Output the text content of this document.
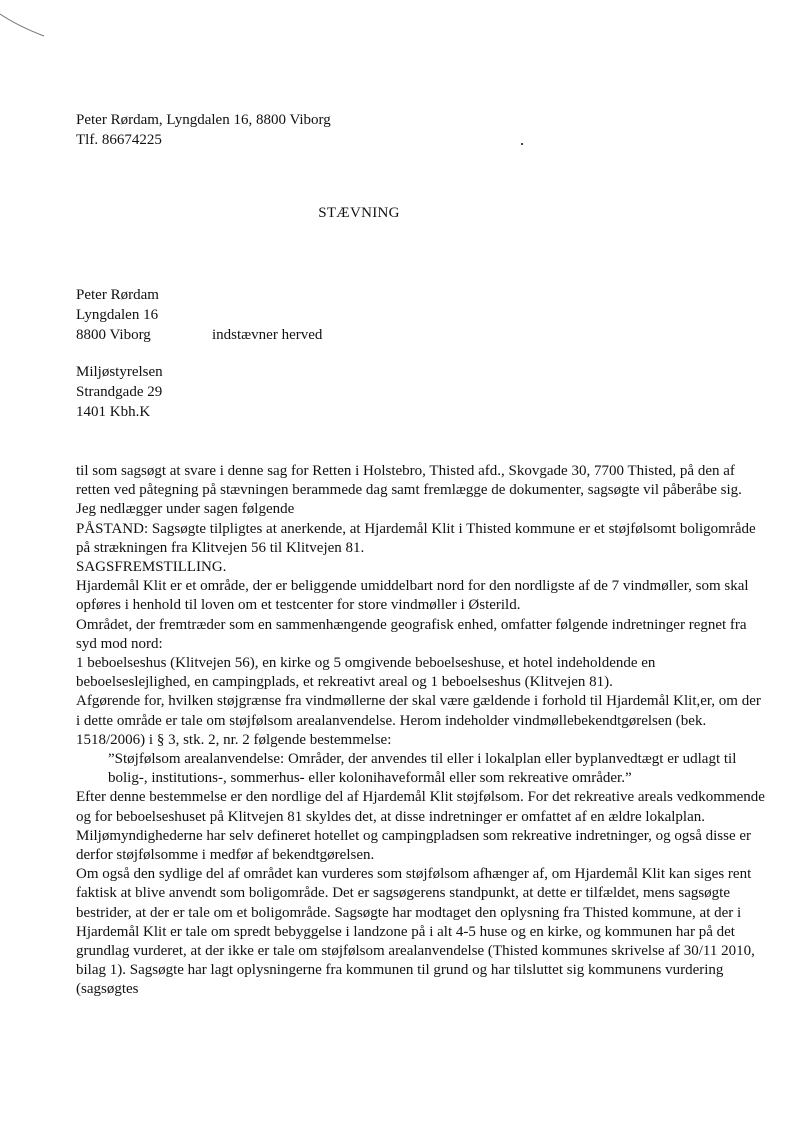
Peter Rørdam, Lyngdalen 16, 8800 Viborg
Tlf. 86674225
STÆVNING
Peter Rørdam
Lyngdalen 16
8800 Viborg	indstævner herved
Miljøstyrelsen
Strandgade 29
1401 Kbh.K

til som sagsøgt at svare i denne sag for Retten i Holstebro, Thisted afd., Skovgade 30, 7700 Thisted, på den af retten ved påtegning på stævningen berammede dag samt fremlægge de dokumenter, sagsøgte vil påberåbe sig.

Jeg nedlægger under sagen følgende

PÅSTAND: Sagsøgte tilpligtes at anerkende, at Hjardemål Klit i Thisted kommune er et støjfølsomt boligområde på strækningen fra Klitvejen 56 til Klitvejen 81.

SAGSFREMSTILLING.

Hjardemål Klit er et område, der er beliggende umiddelbart nord for den nordligste af de 7 vindmøller, som skal opføres i henhold til loven om et testcenter for store vindmøller i Østerild.

Området, der fremtræder som en sammenhængende geografisk enhed, omfatter følgende indretninger regnet fra syd mod nord:

1 beboelseshus (Klitvejen 56), en kirke og 5 omgivende beboelseshuse, et hotel indeholdende en beboelseslejlighed, en campingplads, et rekreativt areal og 1 beboelseshus (Klitvejen 81).

Afgørende for, hvilken støjgrænse fra vindmøllerne der skal være gældende i forhold til Hjardemål Klit,er, om der i dette område er tale om støjfølsom arealanvendelse. Herom indeholder vindmøllebekendtgørelsen (bek. 1518/2006) i § 3, stk. 2, nr. 2 følgende bestemmelse:

”Støjfølsom arealanvendelse: Områder, der anvendes til eller i lokalplan eller byplanvedtægt er udlagt til bolig-, institutions-, sommerhus- eller kolonihaveformål eller som rekreative områder.”

Efter denne bestemmelse er den nordlige del af Hjardemål Klit støjfølsom. For det rekreative areals vedkommende og for beboelseshuset på Klitvejen 81 skyldes det, at disse indretninger er omfattet af en ældre lokalplan. Miljømyndighederne har selv defineret hotellet og campingpladsen som rekreative indretninger, og også disse er derfor støjfølsomme i medfør af bekendtgørelsen.

Om også den sydlige del af området kan vurderes som støjfølsom afhænger af, om Hjardemål Klit kan siges rent faktisk at blive anvendt som boligområde. Det er sagsøgerens standpunkt, at dette er tilfældet, mens sagsøgte bestrider, at der er tale om et boligområde. Sagsøgte har modtaget den oplysning fra Thisted kommune, at der i Hjardemål Klit er tale om spredt bebyggelse i landzone på i alt 4-5 huse og en kirke, og kommunen har på det grundlag vurderet, at der ikke er tale om støjfølsom arealanvendelse (Thisted kommunes skrivelse af 30/11 2010, bilag 1). Sagsøgte har lagt oplysningerne fra kommunen til grund og har tilsluttet sig kommunens vurdering (sagsøgtes
